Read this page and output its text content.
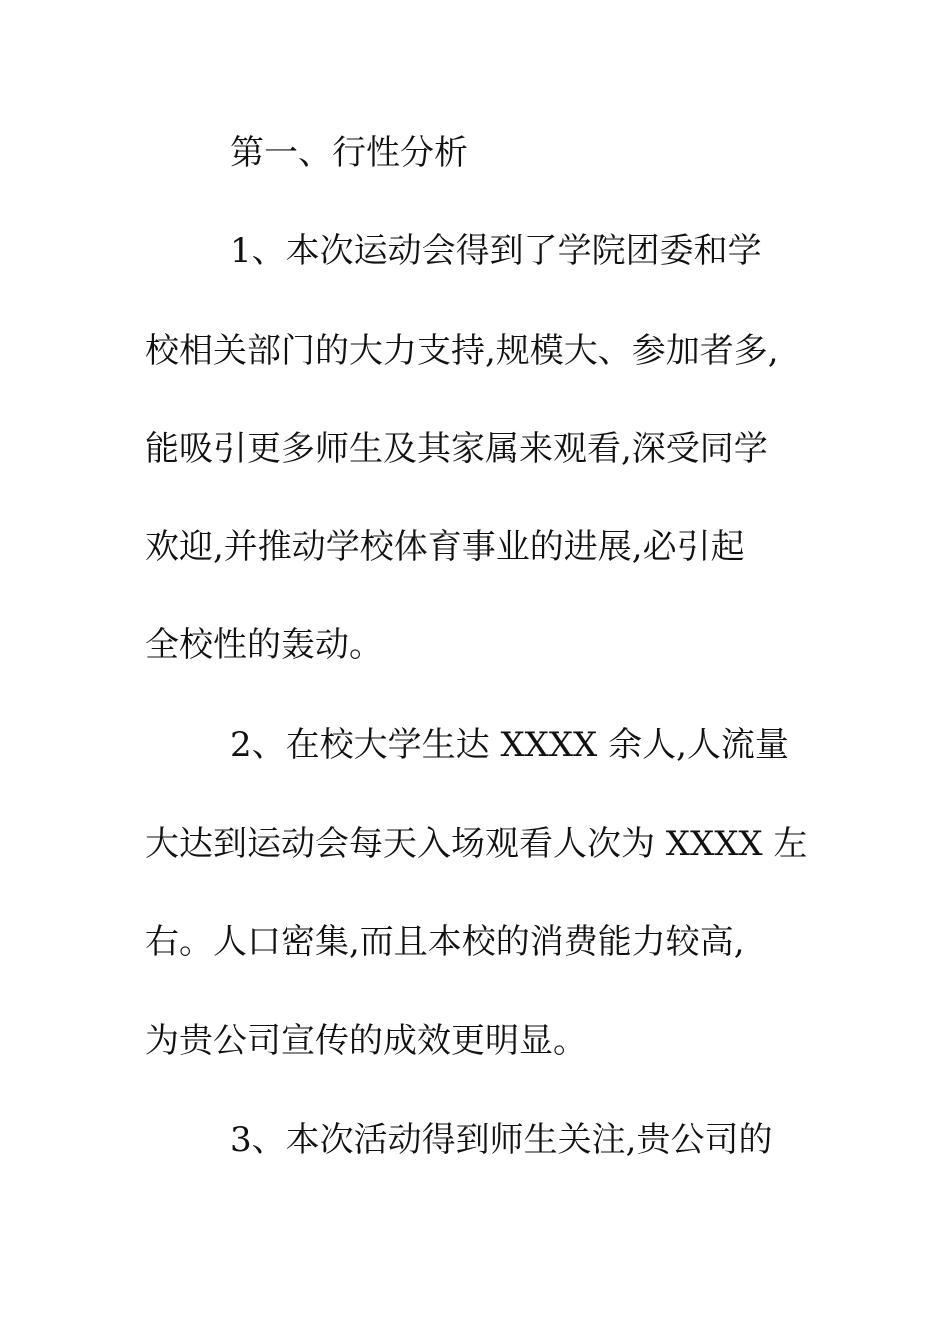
第一、行性分析
1、本次运动会得到了学院团委和学
校相关部门的大力支持,规模大、参加者多,
能吸引更多师生及其家属来观看,深受同学
欢迎,并推动学校体育事业的进展,必引起
全校性的轰动。
2、在校大学生达 XXXX 余人,人流量
大达到运动会每天入场观看人次为 XXXX 左
右。人口密集,而且本校的消费能力较高,
为贵公司宣传的成效更明显。
3、本次活动得到师生关注,贵公司的
